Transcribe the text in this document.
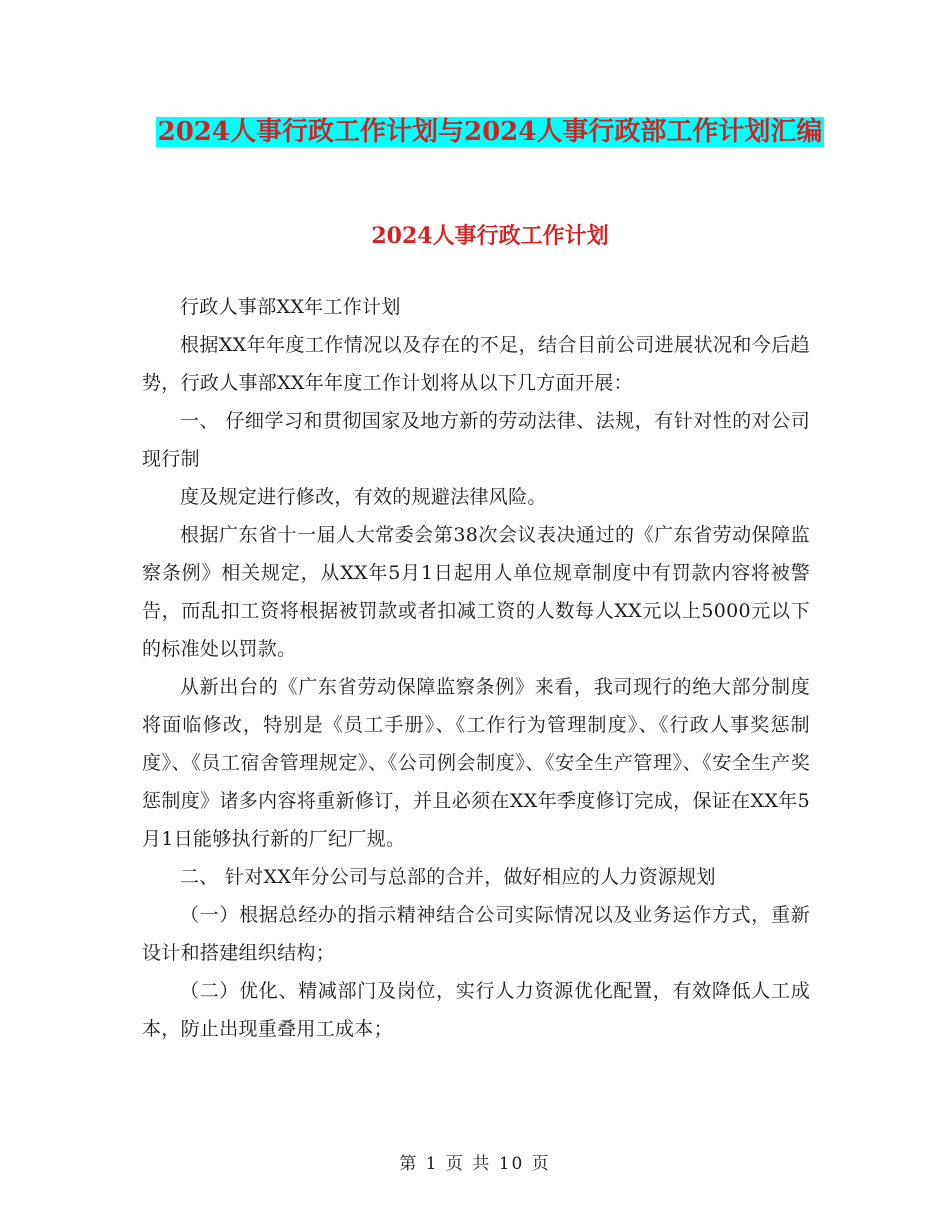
2024人事行政工作计划与2024人事行政部工作计划汇编
2024人事行政工作计划

行政人事部XX年工作计划

根据XX年年度工作情况以及存在的不足，结合目前公司进展状况和今后趋势，行政人事部XX年年度工作计划将从以下几方面开展：

一、 仔细学习和贯彻国家及地方新的劳动法律、法规，有针对性的对公司现行制

度及规定进行修改，有效的规避法律风险。

根据广东省十一届人大常委会第38次会议表决通过的《广东省劳动保障监察条例》相关规定，从XX年5月1日起用人单位规章制度中有罚款内容将被警告，而乱扣工资将根据被罚款或者扣减工资的人数每人XX元以上5000元以下的标准处以罚款。

从新出台的《广东省劳动保障监察条例》来看，我司现行的绝大部分制度将面临修改，特别是《员工手册》、《工作行为管理制度》、《行政人事奖惩制度》、《员工宿舍管理规定》、《公司例会制度》、《安全生产管理》、《安全生产奖惩制度》诸多内容将重新修订，并且必须在XX年季度修订完成，保证在XX年5月1日能够执行新的厂纪厂规。

二、 针对XX年分公司与总部的合并，做好相应的人力资源规划

（一）根据总经办的指示精神结合公司实际情况以及业务运作方式，重新设计和搭建组织结构；

（二）优化、精减部门及岗位，实行人力资源优化配置，有效降低人工成本，防止出现重叠用工成本；

第 1 页 共 10 页
